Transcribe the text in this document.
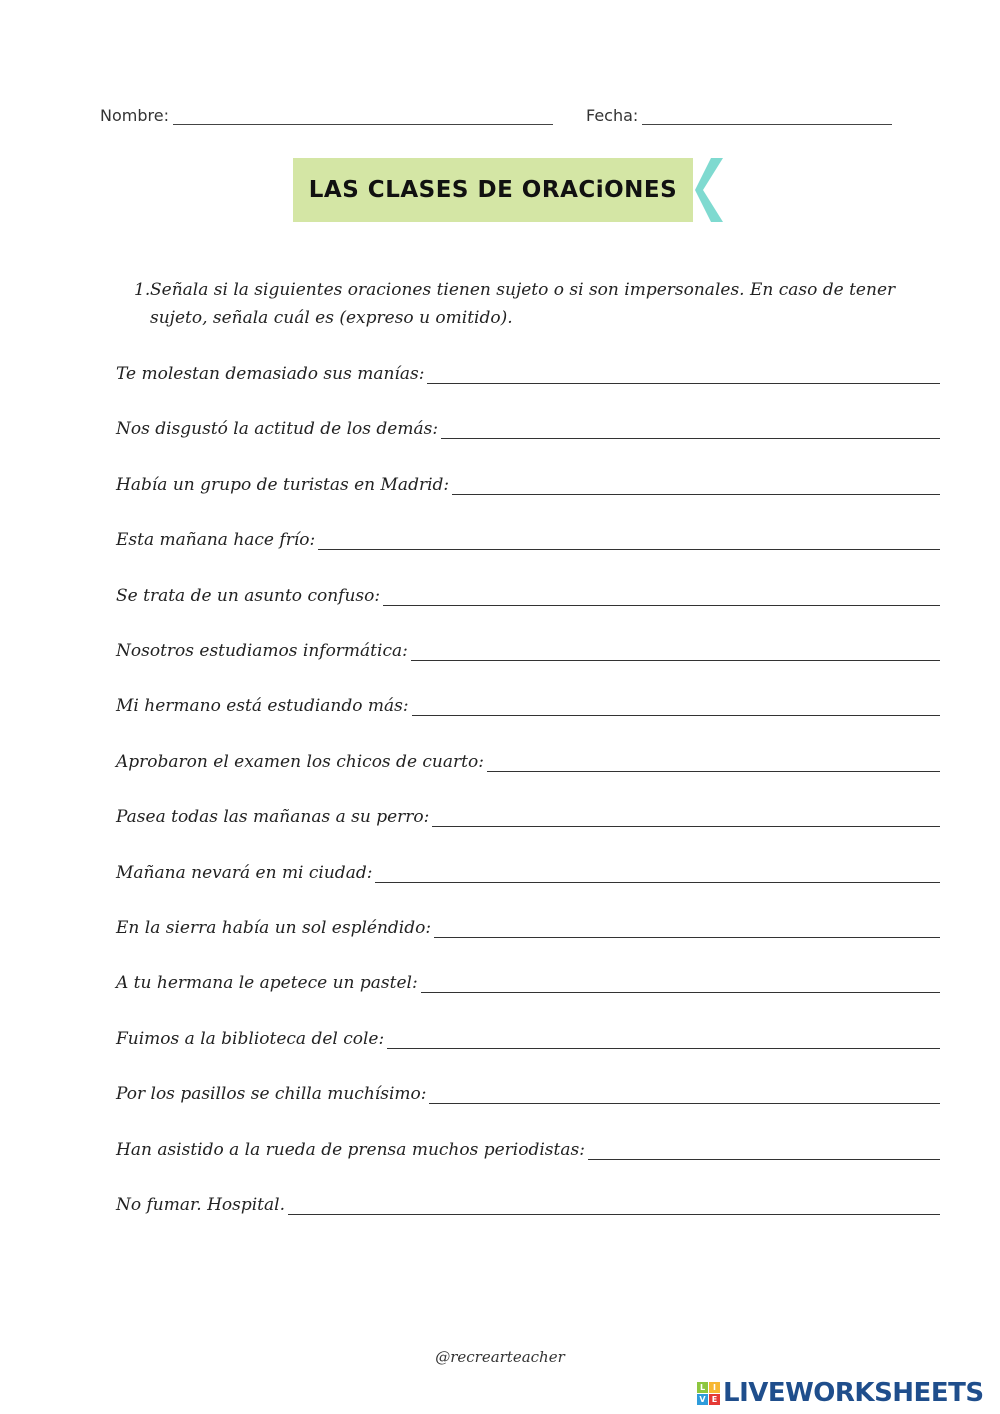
Nombre:	Fecha:
LAS CLASES DE ORACiONES
1. Señala si la siguientes oraciones tienen sujeto o si son impersonales. En caso de tener sujeto, señala cuál es (expreso u omitido).
Te molestan demasiado sus manías:
Nos disgustó la actitud de los demás:
Había un grupo de turistas en Madrid:
Esta mañana hace frío:
Se trata de un asunto confuso:
Nosotros estudiamos informática:
Mi hermano está estudiando más:
Aprobaron el examen los chicos de cuarto:
Pasea todas las mañanas a su perro:
Mañana nevará en mi ciudad:
En la sierra había un sol espléndido:
A tu hermana le apetece un pastel:
Fuimos a la biblioteca del cole:
Por los pasillos se chilla muchísimo:
Han asistido a la rueda de prensa muchos periodistas:
No fumar. Hospital.
@recrearteacher
L I
V E LIVEWORKSHEETS
